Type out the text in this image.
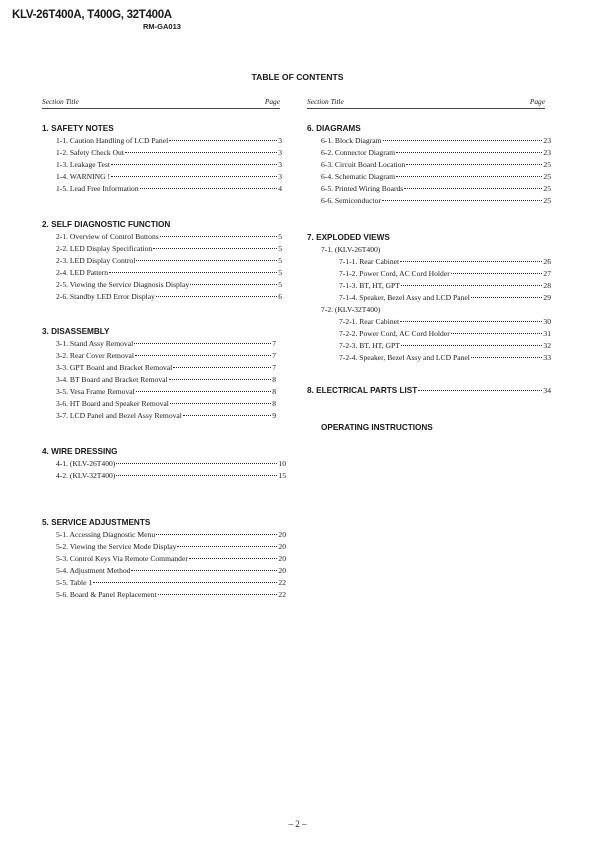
KLV-26T400A, T400G, 32T400A
RM-GA013
TABLE OF CONTENTS
Section Title	Page
1. SAFETY NOTES
1-1. Caution Handling of LCD Panel	3
1-2. Safety Check Out	3
1-3. Leakage Test	3
1-4. WARNING !	3
1-5. Lead Free Information	4
2. SELF DIAGNOSTIC FUNCTION
2-1. Overview of Control Buttons	5
2-2. LED Display Specification	5
2-3. LED Display Control	5
2-4. LED Pattern	5
2-5. Viewing the Service Diagnosis Display	5
2-6. Standby LED Error Display	6
3. DISASSEMBLY
3-1. Stand Assy Removal	7
3-2. Rear Cover Removal	7
3-3. GPT Board and Bracket Removal	7
3-4. BT Board and Bracket Removal	8
3-5. Vesa Frame Removal	8
3-6. HT Board and Speaker Removal	8
3-7. LCD Panel and Bezel Assy Removal	9
4. WIRE DRESSING
4-1. (KLV-26T400)	10
4-2. (KLV-32T400)	15
5. SERVICE ADJUSTMENTS
5-1. Accessing Diagnostic Menu	20
5-2. Viewing the Service Mode Display	20
5-3. Control Keys Via Remote Commander	20
5-4. Adjustment Method	20
5-5. Table 1	22
5-6. Board & Panel Replacement	22
Section Title	Page
6. DIAGRAMS
6-1. Block Diagram	23
6-2. Connector Diagram	23
6-3. Circuit Board Location	25
6-4. Schematic Diagram	25
6-5. Printed Wiring Boards	25
6-6. Semiconductor	25
7. EXPLODED VIEWS
7-1. (KLV-26T400)
7-1-1. Rear Cabinet	26
7-1-2. Power Cord, AC Cord Holder	27
7-1-3. BT, HT, GPT	28
7-1-4. Speaker, Bezel Assy and LCD Panel	29
7-2. (KLV-32T400)
7-2-1. Rear Cabinet	30
7-2-2. Power Cord, AC Cord Holder	31
7-2-3. BT, HT, GPT	32
7-2-4. Speaker, Bezel Assy and LCD Panel	33
8. ELECTRICAL PARTS LIST	34
OPERATING INSTRUCTIONS
– 2 –
